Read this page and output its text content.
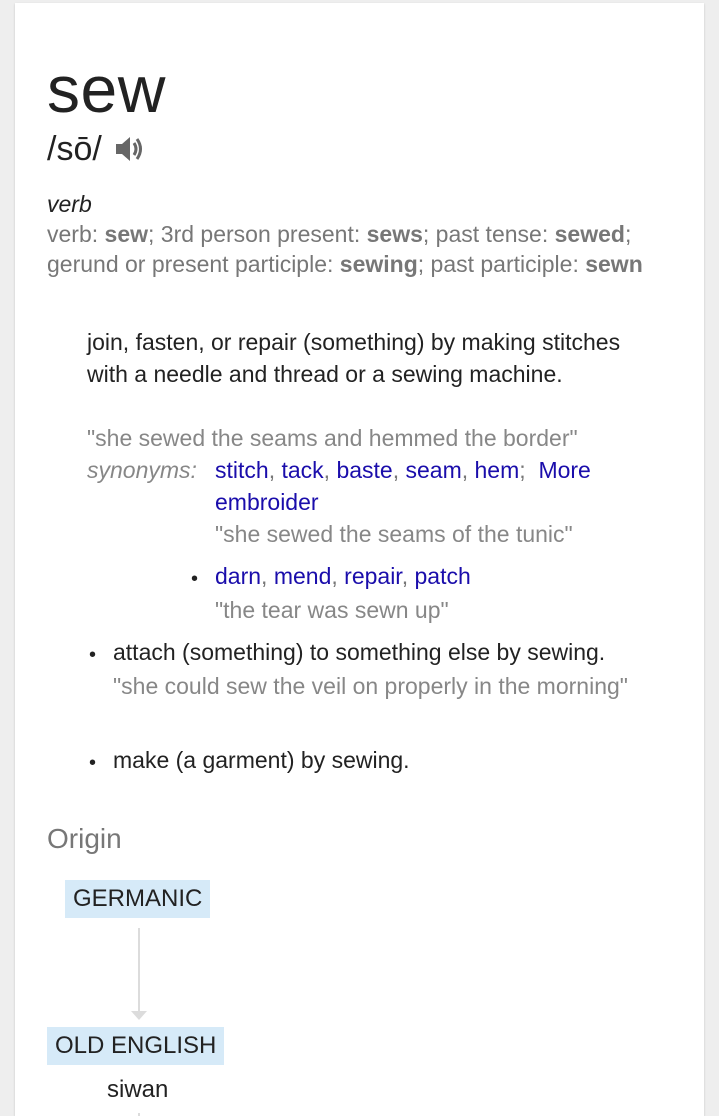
sew
/sō/
verb
verb: sew; 3rd person present: sews; past tense: sewed; gerund or present participle: sewing; past participle: sewn
join, fasten, or repair (something) by making stitches with a needle and thread or a sewing machine.
"she sewed the seams and hemmed the border"
synonyms: stitch, tack, baste, seam, hem;  More
embroider
"she sewed the seams of the tunic"
• darn, mend, repair, patch
"the tear was sewn up"
• attach (something) to something else by sewing.
"she could sew the veil on properly in the morning"
• make (a garment) by sewing.
Origin
GERMANIC
OLD ENGLISH
siwan
